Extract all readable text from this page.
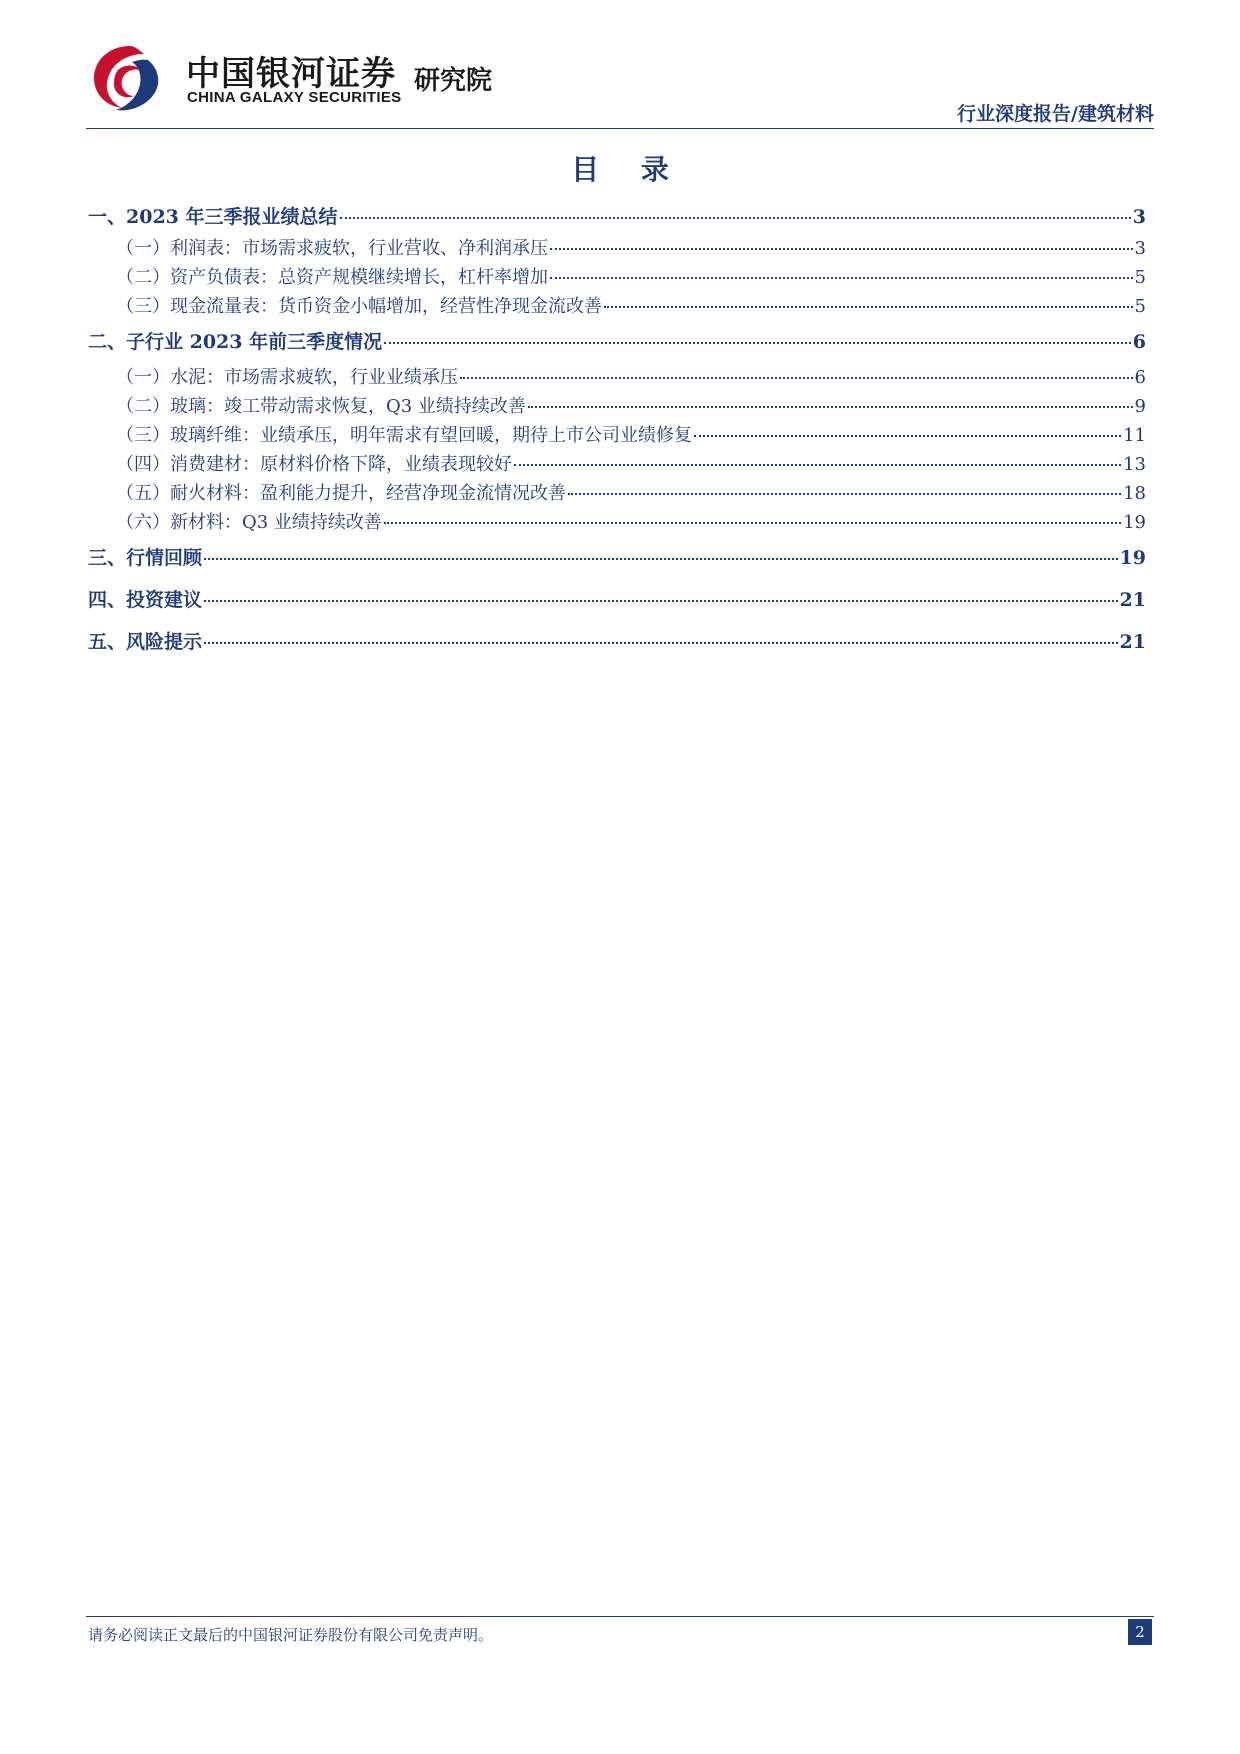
中国银河证券
CHINA GALAXY SECURITIES
研究院
行业深度报告/建筑材料
目 录
一、2023 年三季报业绩总结	3
（一）利润表：市场需求疲软，行业营收、净利润承压	3
（二）资产负债表：总资产规模继续增长，杠杆率增加	5
（三）现金流量表：货币资金小幅增加，经营性净现金流改善	5
二、子行业 2023 年前三季度情况	6
（一）水泥：市场需求疲软，行业业绩承压	6
（二）玻璃：竣工带动需求恢复，Q3 业绩持续改善	9
（三）玻璃纤维：业绩承压，明年需求有望回暖，期待上市公司业绩修复	11
（四）消费建材：原材料价格下降，业绩表现较好	13
（五）耐火材料：盈利能力提升，经营净现金流情况改善	18
（六）新材料：Q3 业绩持续改善	19
三、行情回顾	19
四、投资建议	21
五、风险提示	21
请务必阅读正文最后的中国银河证券股份有限公司免责声明。	2
